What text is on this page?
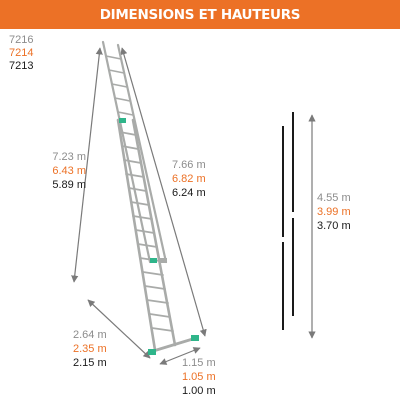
DIMENSIONS ET HAUTEURS
7216
7214
7213
7.23 m
6.43 m
5.89 m
7.66 m
6.82 m
6.24 m
2.64 m
2.35 m
2.15 m	1.15 m
1.05 m
1.00 m
4.55 m
3.99 m
3.70 m
